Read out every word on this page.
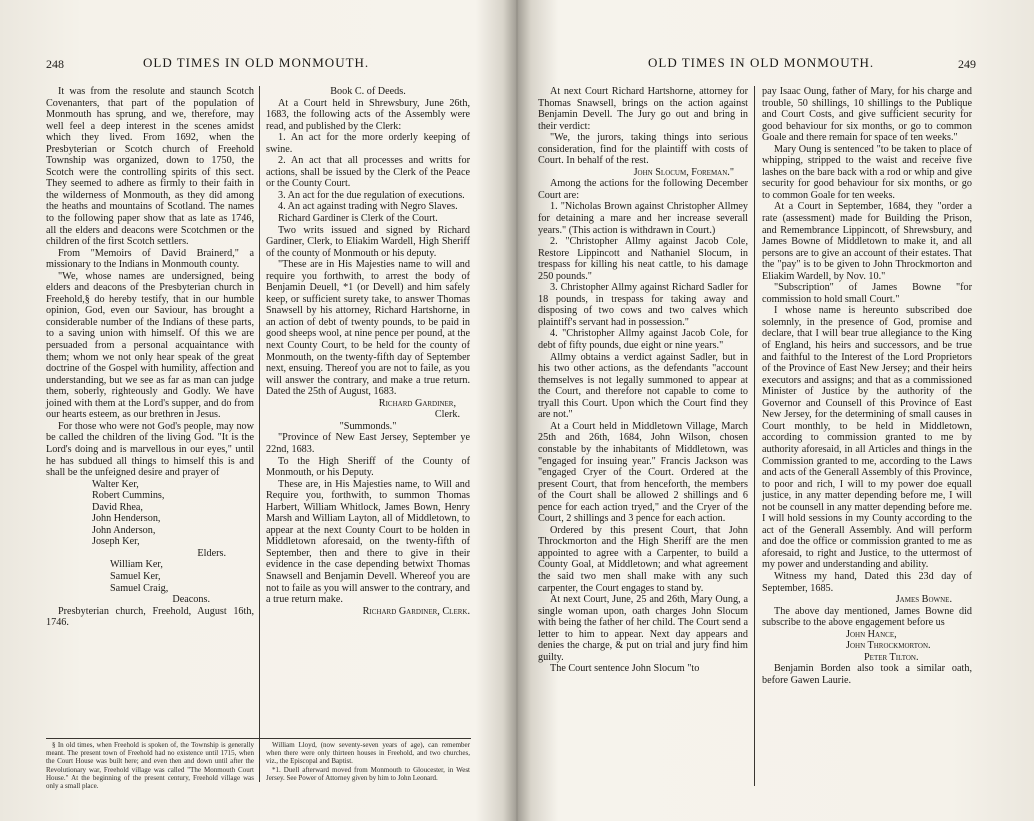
248	OLD TIMES IN OLD MONMOUTH.

It was from the resolute and staunch Scotch Covenanters, that part of the population of Monmouth has sprung, and we, therefore, may well feel a deep interest in the scenes amidst which they lived. From 1692, when the Presbyterian or Scotch church of Freehold Township was organized, down to 1750, the Scotch were the controlling spirits of this sect. They seemed to adhere as firmly to their faith in the wilderness of Monmouth, as they did among the heaths and mountains of Scotland. The names to the following paper show that as late as 1746, all the elders and deacons were Scotchmen or the children of the first Scotch settlers.

From "Memoirs of David Brainerd," a missionary to the Indians in Monmouth county.

"We, whose names are undersigned, being elders and deacons of the Presbyterian church in Freehold,§ do hereby testify, that in our humble opinion, God, even our Saviour, has brought a considerable number of the Indians of these parts, to a saving union with himself. Of this we are persuaded from a personal acquaintance with them; whom we not only hear speak of the great doctrine of the Gospel with humility, affection and understanding, but we see as far as man can judge them, soberly, righteously and Godly. We have joined with them at the Lord's supper, and do from our hearts esteem, as our brethren in Jesus.

For those who were not God's people, may now be called the children of the living God. "It is the Lord's doing and is marvellous in our eyes," until he has subdued all things to himself this is and shall be the unfeigned desire and prayer of

Walter Ker,
Robert Cummins,
David Rhea,
John Henderson,
John Anderson,
Joseph Ker,

Elders.

William Ker,
Samuel Ker,
Samuel Craig,

Deacons.

Presbyterian church, Freehold, August 16th, 1746.

Book C. of Deeds.

At a Court held in Shrewsbury, June 26th, 1683, the following acts of the Assembly were read, and published by the Clerk:

1. An act for the more orderly keeping of swine.

2. An act that all processes and writts for actions, shall be issued by the Clerk of the Peace or the County Court.

3. An act for the due regulation of executions.

4. An act against trading with Negro Slaves.

Richard Gardiner is Clerk of the Court.

Two writs issued and signed by Richard Gardiner, Clerk, to Eliakim Wardell, High Sheriff of the county of Monmouth or his deputy.

"These are in His Majesties name to will and require you forthwith, to arrest the body of Benjamin Deuell, *1 (or Devell) and him safely keep, or sufficient surety take, to answer Thomas Snawsell by his attorney, Richard Hartshorne, in an action of debt of twenty pounds, to be paid in good sheeps wool, at nine pence per pound, at the next County Court, to be held for the county of Monmouth, on the twenty-fifth day of September next, ensuing. Thereof you are not to faile, as you will answer the contrary, and make a true return. Dated the 25th of August, 1683.

Richard Gardiner,

Clerk.

"Summonds."

"Province of New East Jersey, September ye 22nd, 1683.

To the High Sheriff of the County of Monmouth, or his Deputy.

These are, in His Majesties name, to Will and Require you, forthwith, to summon Thomas Harbert, William Whitlock, James Bown, Henry Marsh and William Layton, all of Middletown, to appear at the next County Court to be holden in Middletown aforesaid, on the twenty-fifth of September, then and there to give in their evidence in the case depending betwixt Thomas Snawsell and Benjamin Devell. Whereof you are not to faile as you will answer to the contrary, and a true return make.

Richard Gardiner, Clerk.

§ In old times, when Freehold is spoken of, the Township is generally meant. The present town of Freehold had no existence until 1715, when the Court House was built here; and even then and down until after the Revolutionary war, Freehold village was called "The Monmouth Court House." At the beginning of the present century, Freehold village was only a small place.

William Lloyd, (now seventy-seven years of age), can remember when there were only thirteen houses in Freehold, and two churches, viz., the Episcopal and Baptist.

*1. Duell afterward moved from Monmouth to Gloucester, in West Jersey. See Power of Attorney given by him to John Leonard.

OLD TIMES IN OLD MONMOUTH.	249

At next Court Richard Hartshorne, attorney for Thomas Snawsell, brings on the action against Benjamin Devell. The Jury go out and bring in their verdict:

"We, the jurors, taking things into serious consideration, find for the plaintiff with costs of Court. In behalf of the rest.

John Slocum, Foreman."

Among the actions for the following December Court are:

1. "Nicholas Brown against Christopher Allmey for detaining a mare and her increase severall years." (This action is withdrawn in Court.)

2. "Christopher Allmy against Jacob Cole, Restore Lippincott and Nathaniel Slocum, in trespass for killing his neat cattle, to his damage 250 pounds."

3. Christopher Allmy against Richard Sadler for 18 pounds, in trespass for taking away and disposing of two cows and two calves which plaintiff's servant had in possession."

4. "Christopher Allmy against Jacob Cole, for debt of fifty pounds, due eight or nine years."

Allmy obtains a verdict against Sadler, but in his two other actions, as the defendants "account themselves is not legally summoned to appear at the Court, and therefore not capable to come to tryall this Court. Upon which the Court find they are not."

At a Court held in Middletown Village, March 25th and 26th, 1684, John Wilson, chosen constable by the inhabitants of Middletown, was "engaged for insuing year." Francis Jackson was "engaged Cryer of the Court. Ordered at the present Court, that from henceforth, the members of the Court shall be allowed 2 shillings and 6 pence for each action tryed," and the Cryer of the Court, 2 shillings and 3 pence for each action.

Ordered by this present Court, that John Throckmorton and the High Sheriff are the men appointed to agree with a Carpenter, to build a County Goal, at Middletown; and what agreement the said two men shall make with any such carpenter, the Court engages to stand by.

At next Court, June, 25 and 26th, Mary Oung, a single woman upon, oath charges John Slocum with being the father of her child. The Court send a letter to him to appear. Next day appears and denies the charge, & put on trial and jury find him guilty.

The Court sentence John Slocum "to

pay Isaac Oung, father of Mary, for his charge and trouble, 50 shillings, 10 shillings to the Publique and Court Costs, and give sufficient security for good behaviour for six months, or go to common Goale and there remain for space of ten weeks."

Mary Oung is sentenced "to be taken to place of whipping, stripped to the waist and receive five lashes on the bare back with a rod or whip and give security for good behaviour for six months, or go to common Goale for ten weeks.

At a Court in September, 1684, they "order a rate (assessment) made for Building the Prison, and Remembrance Lippincott, of Shrewsbury, and James Bowne of Middletown to make it, and all persons are to give an account of their estates. That the "pay" is to be given to John Throckmorton and Eliakim Wardell, by Nov. 10."

"Subscription" of James Bowne "for commission to hold small Court."

I whose name is hereunto subscribed doe solemnly, in the presence of God, promise and declare, that I will bear true allegiance to the King of England, his heirs and successors, and be true and faithful to the Interest of the Lord Proprietors of the Province of East New Jersey; and their heirs executors and assigns; and that as a commissioned Minister of Justice by the authority of the Governor and Counsell of this Province of East New Jersey, for the determining of small causes in Court monthly, to be held in Middletown, according to commission granted to me by authority aforesaid, in all Articles and things in the Commission granted to me, according to the Laws and acts of the Generall Assembly of this Province, to poor and rich, I will to my power doe equall justice, in any matter depending before me, I will not be counsell in any matter depending before me. I will hold sessions in my County according to the act of the Generall Assembly. And will perform and doe the office or commission granted to me as aforesaid, to right and Justice, to the uttermost of my power and understanding and ability.

Witness my hand, Dated this 23d day of September, 1685.

James Bowne.

The above day mentioned, James Bowne did subscribe to the above engagement before us

John Hance,
John Throckmorton.
Peter Tilton.

Benjamin Borden also took a similar oath, before Gawen Laurie.
